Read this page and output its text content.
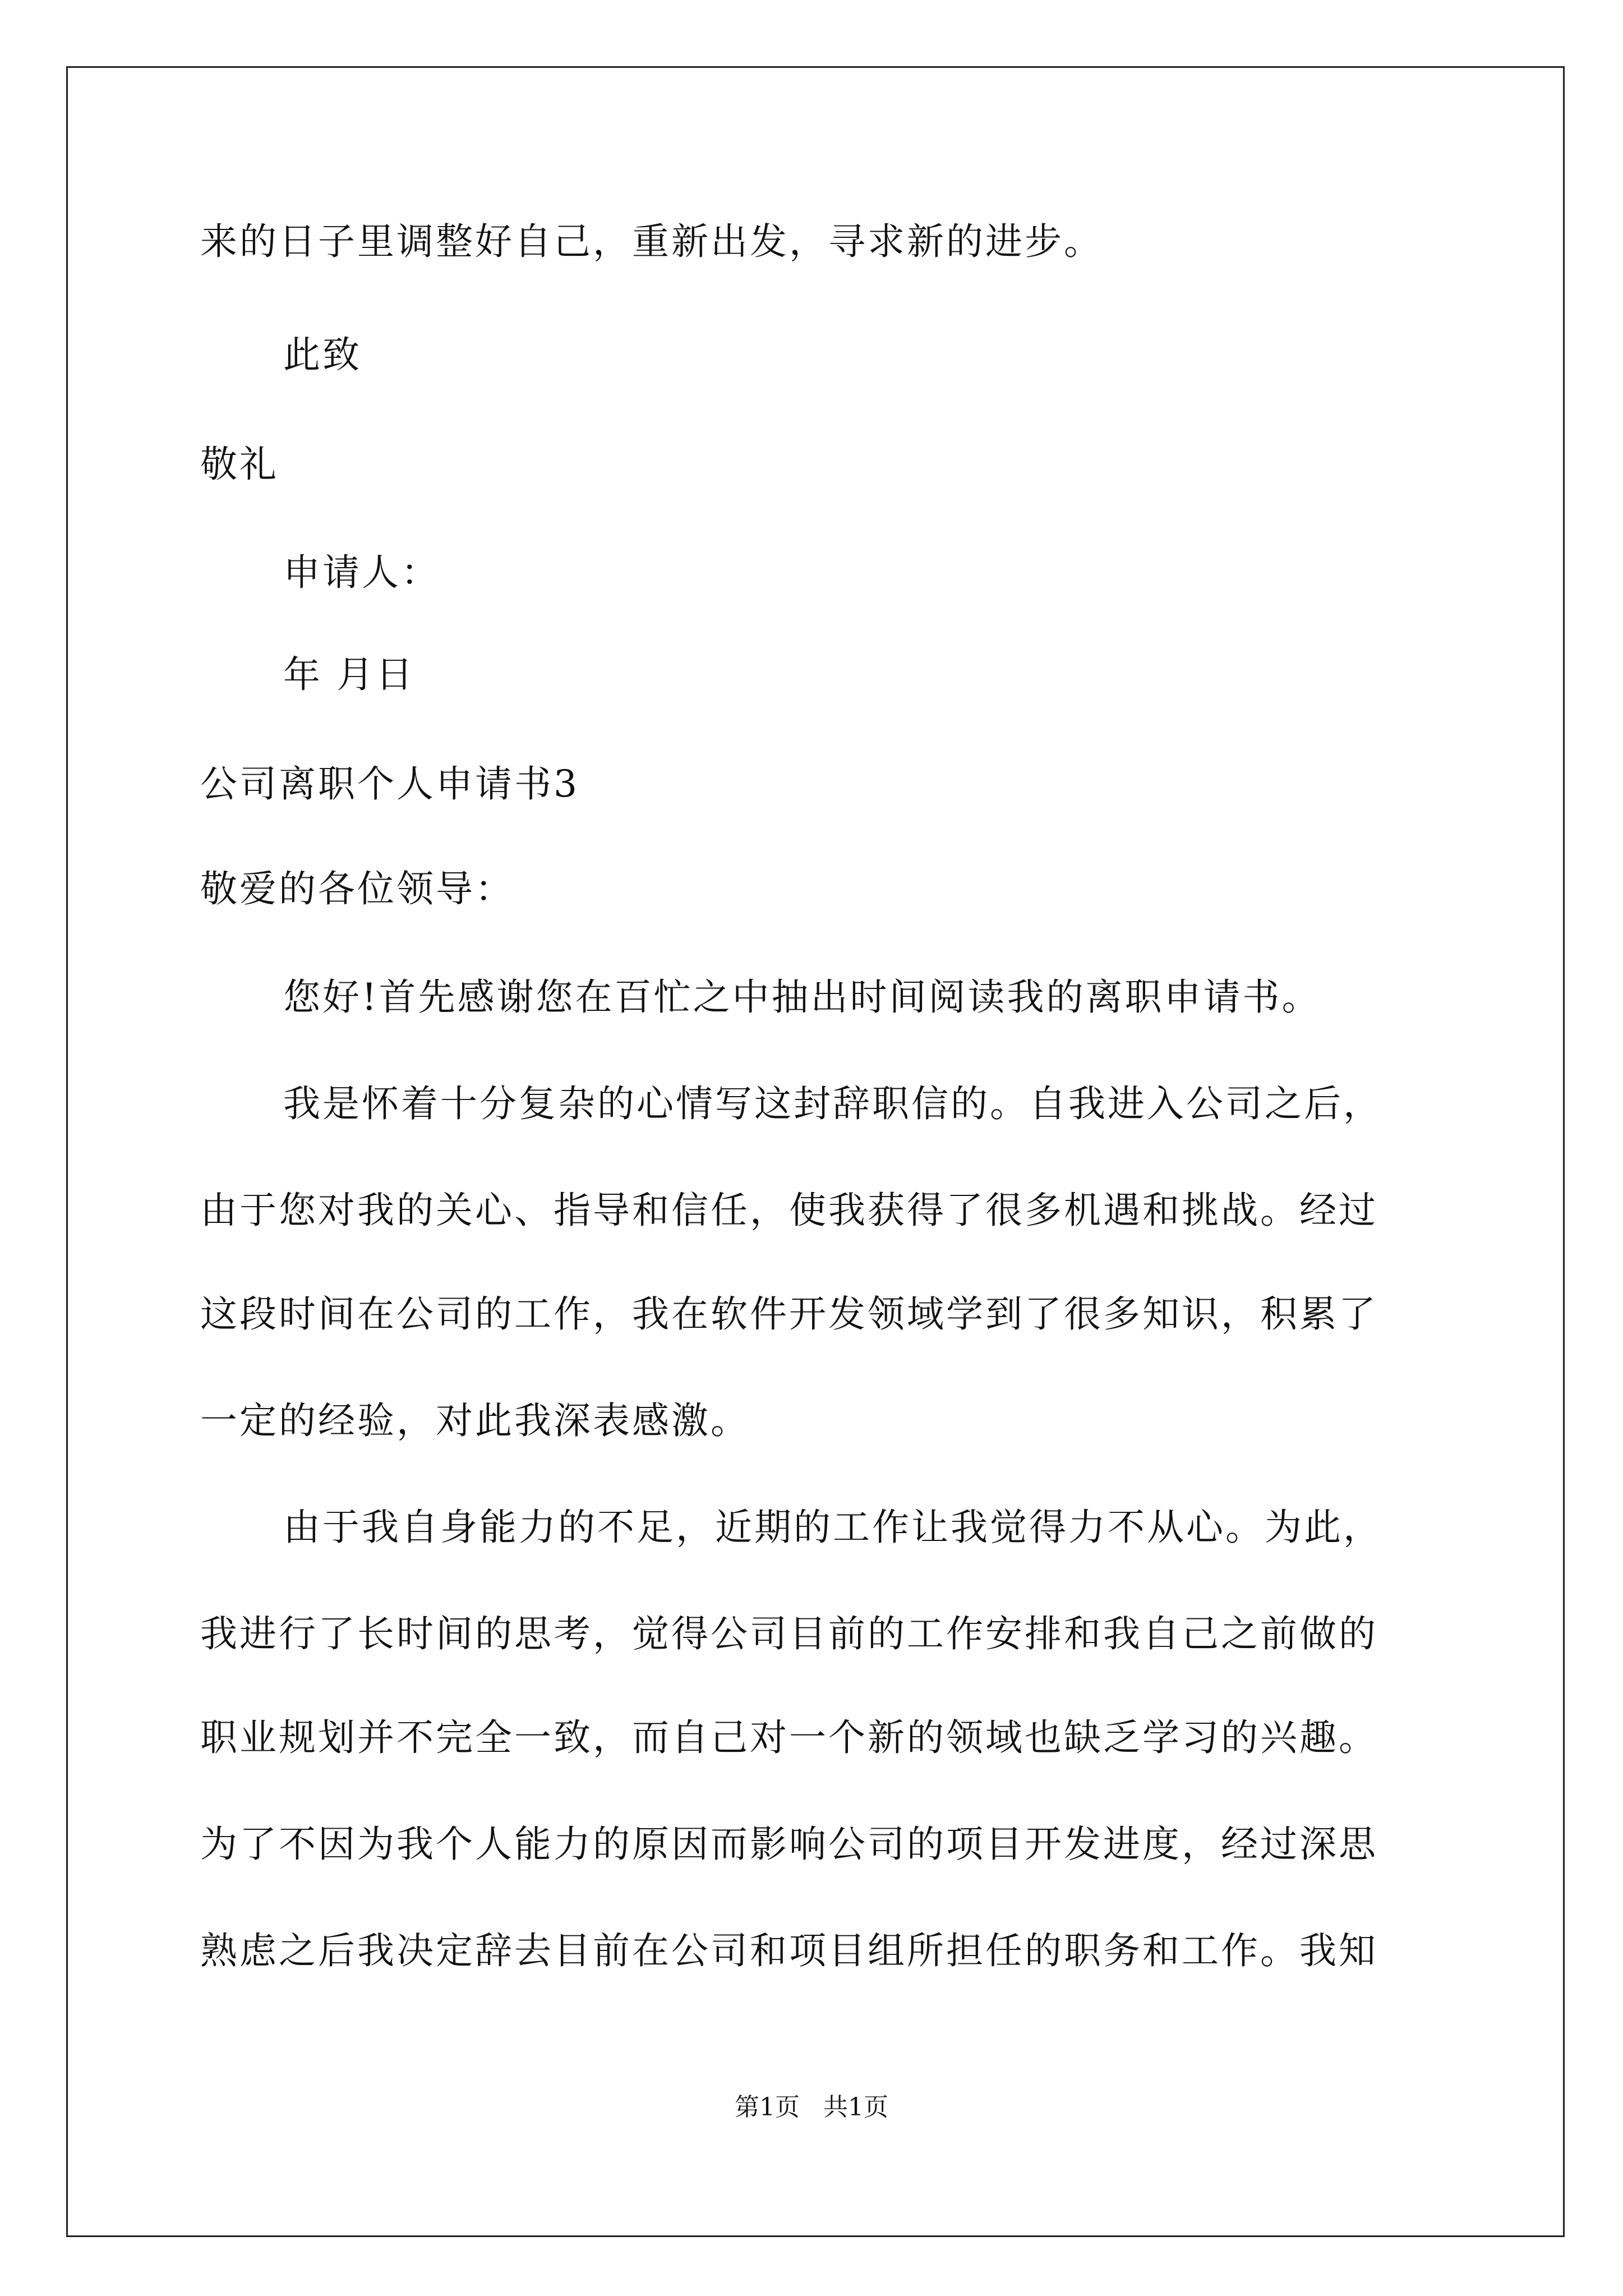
来的日子里调整好自己，重新出发，寻求新的进步。
此致
敬礼
申请人：
年 月日
公司离职个人申请书3
敬爱的各位领导：
您好!首先感谢您在百忙之中抽出时间阅读我的离职申请书。
我是怀着十分复杂的心情写这封辞职信的。自我进入公司之后，
由于您对我的关心、指导和信任，使我获得了很多机遇和挑战。经过
这段时间在公司的工作，我在软件开发领域学到了很多知识，积累了
一定的经验，对此我深表感激。
由于我自身能力的不足，近期的工作让我觉得力不从心。为此，
我进行了长时间的思考，觉得公司目前的工作安排和我自己之前做的
职业规划并不完全一致，而自己对一个新的领域也缺乏学习的兴趣。
为了不因为我个人能力的原因而影响公司的项目开发进度，经过深思
熟虑之后我决定辞去目前在公司和项目组所担任的职务和工作。我知
第1页   共1页
